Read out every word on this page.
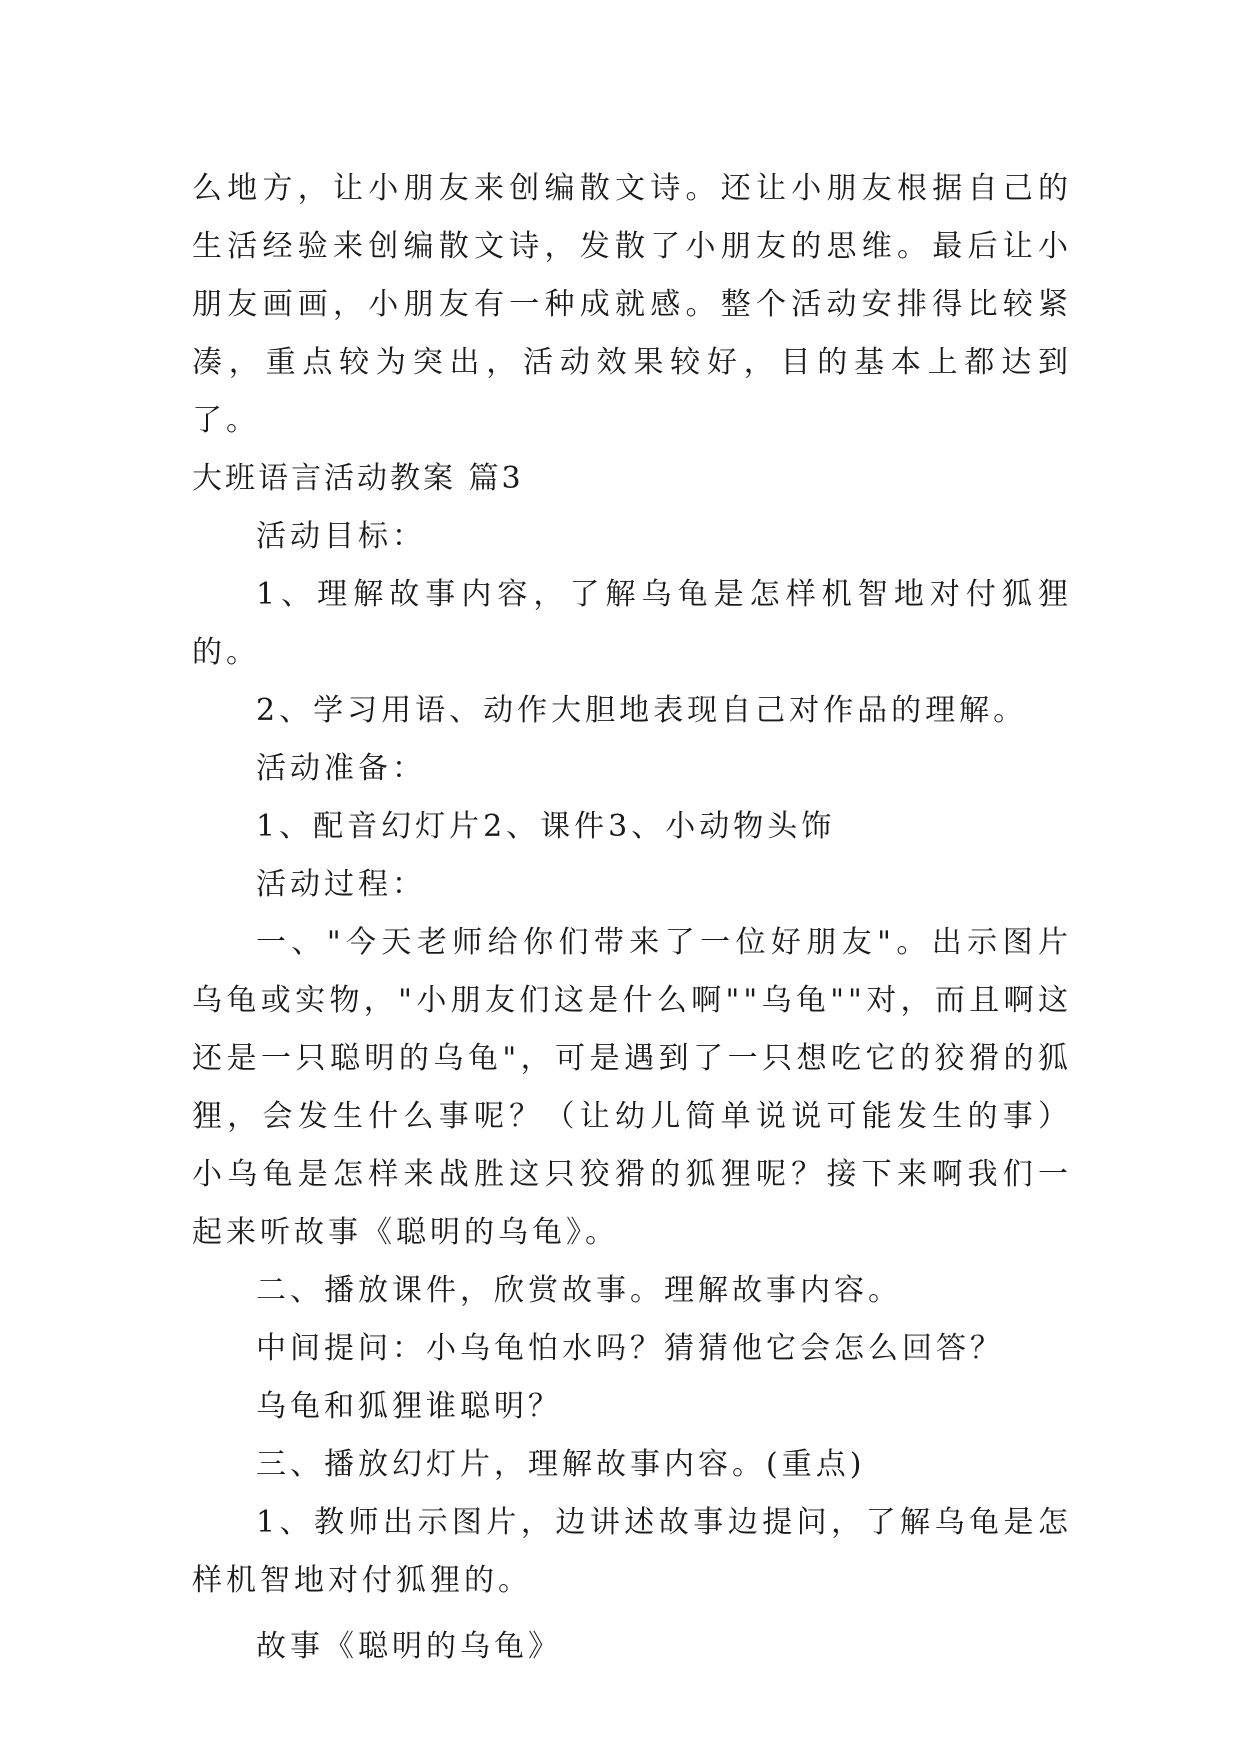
么地方，让小朋友来创编散文诗。还让小朋友根据自己的生活经验来创编散文诗，发散了小朋友的思维。最后让小朋友画画，小朋友有一种成就感。整个活动安排得比较紧凑，重点较为突出，活动效果较好，目的基本上都达到了。

大班语言活动教案 篇3

活动目标：

1、理解故事内容，了解乌龟是怎样机智地对付狐狸的。

2、学习用语、动作大胆地表现自己对作品的理解。

活动准备：

1、配音幻灯片2、课件3、小动物头饰

活动过程：

一、"今天老师给你们带来了一位好朋友"。出示图片乌龟或实物，"小朋友们这是什么啊""乌龟""对，而且啊这还是一只聪明的乌龟"，可是遇到了一只想吃它的狡猾的狐狸，会发生什么事呢？（让幼儿简单说说可能发生的事）小乌龟是怎样来战胜这只狡猾的狐狸呢？接下来啊我们一起来听故事《聪明的乌龟》。

二、播放课件，欣赏故事。理解故事内容。

中间提问：小乌龟怕水吗？猜猜他它会怎么回答？

乌龟和狐狸谁聪明？

三、播放幻灯片，理解故事内容。(重点)

1、教师出示图片，边讲述故事边提问，了解乌龟是怎样机智地对付狐狸的。

故事《聪明的乌龟》
